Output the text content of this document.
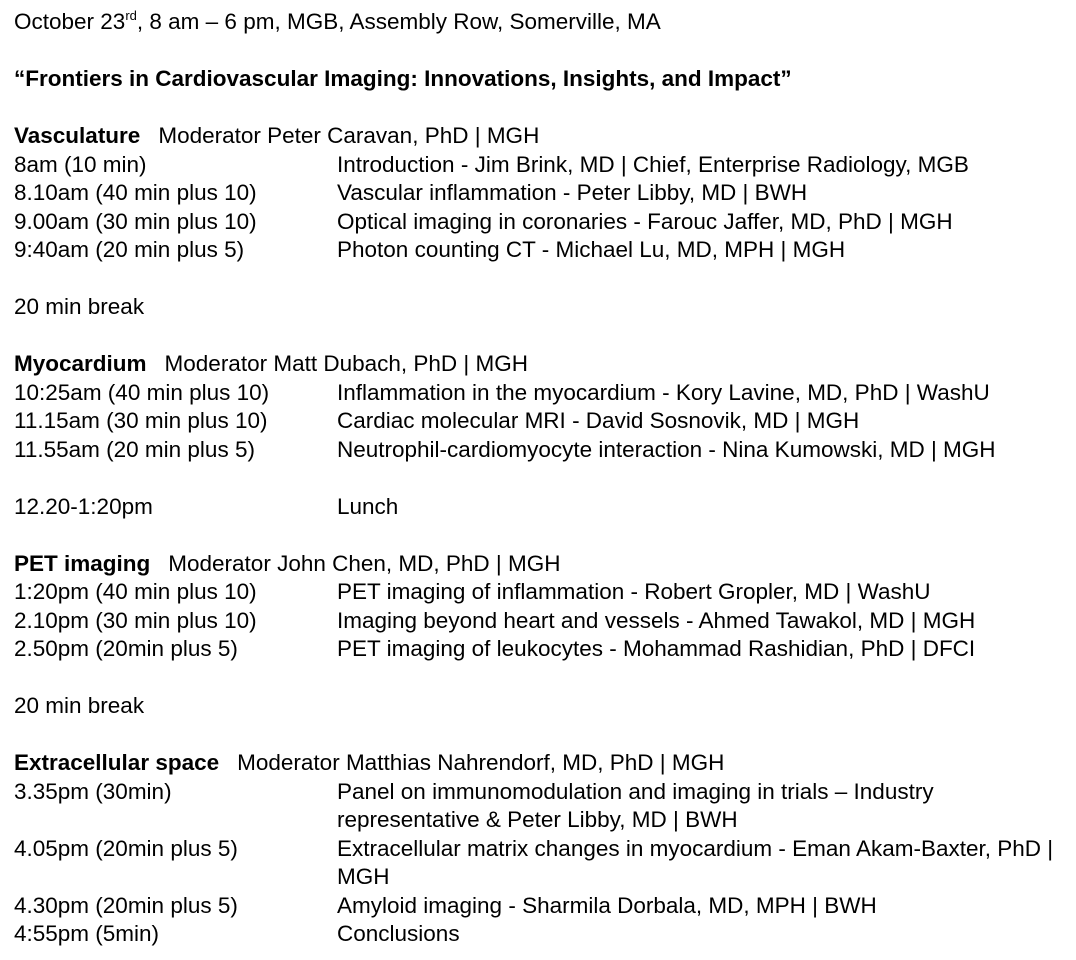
October 23rd, 8 am – 6 pm, MGB, Assembly Row, Somerville, MA
“Frontiers in Cardiovascular Imaging: Innovations, Insights, and Impact”
Vasculature Moderator Peter Caravan, PhD | MGH
8am (10 min)	Introduction - Jim Brink, MD | Chief, Enterprise Radiology, MGB
8.10am (40 min plus 10)	Vascular inflammation - Peter Libby, MD | BWH
9.00am (30 min plus 10)	Optical imaging in coronaries - Farouc Jaffer, MD, PhD | MGH
9:40am (20 min plus 5)	Photon counting CT - Michael Lu, MD, MPH | MGH
20 min break
Myocardium Moderator Matt Dubach, PhD | MGH
10:25am (40 min plus 10)	Inflammation in the myocardium - Kory Lavine, MD, PhD | WashU
11.15am (30 min plus 10)	Cardiac molecular MRI - David Sosnovik, MD | MGH
11.55am (20 min plus 5)	Neutrophil-cardiomyocyte interaction - Nina Kumowski, MD | MGH
12.20-1:20pm	Lunch
PET imaging Moderator John Chen, MD, PhD | MGH
1:20pm (40 min plus 10)	PET imaging of inflammation - Robert Gropler, MD | WashU
2.10pm (30 min plus 10)	Imaging beyond heart and vessels - Ahmed Tawakol, MD | MGH
2.50pm (20min plus 5)	PET imaging of leukocytes - Mohammad Rashidian, PhD | DFCI
20 min break
Extracellular space Moderator Matthias Nahrendorf, MD, PhD | MGH
3.35pm (30min)	Panel on immunomodulation and imaging in trials – Industry representative & Peter Libby, MD | BWH
4.05pm (20min plus 5)	Extracellular matrix changes in myocardium - Eman Akam-Baxter, PhD | MGH
4.30pm (20min plus 5)	Amyloid imaging - Sharmila Dorbala, MD, MPH | BWH
4:55pm (5min)	Conclusions
